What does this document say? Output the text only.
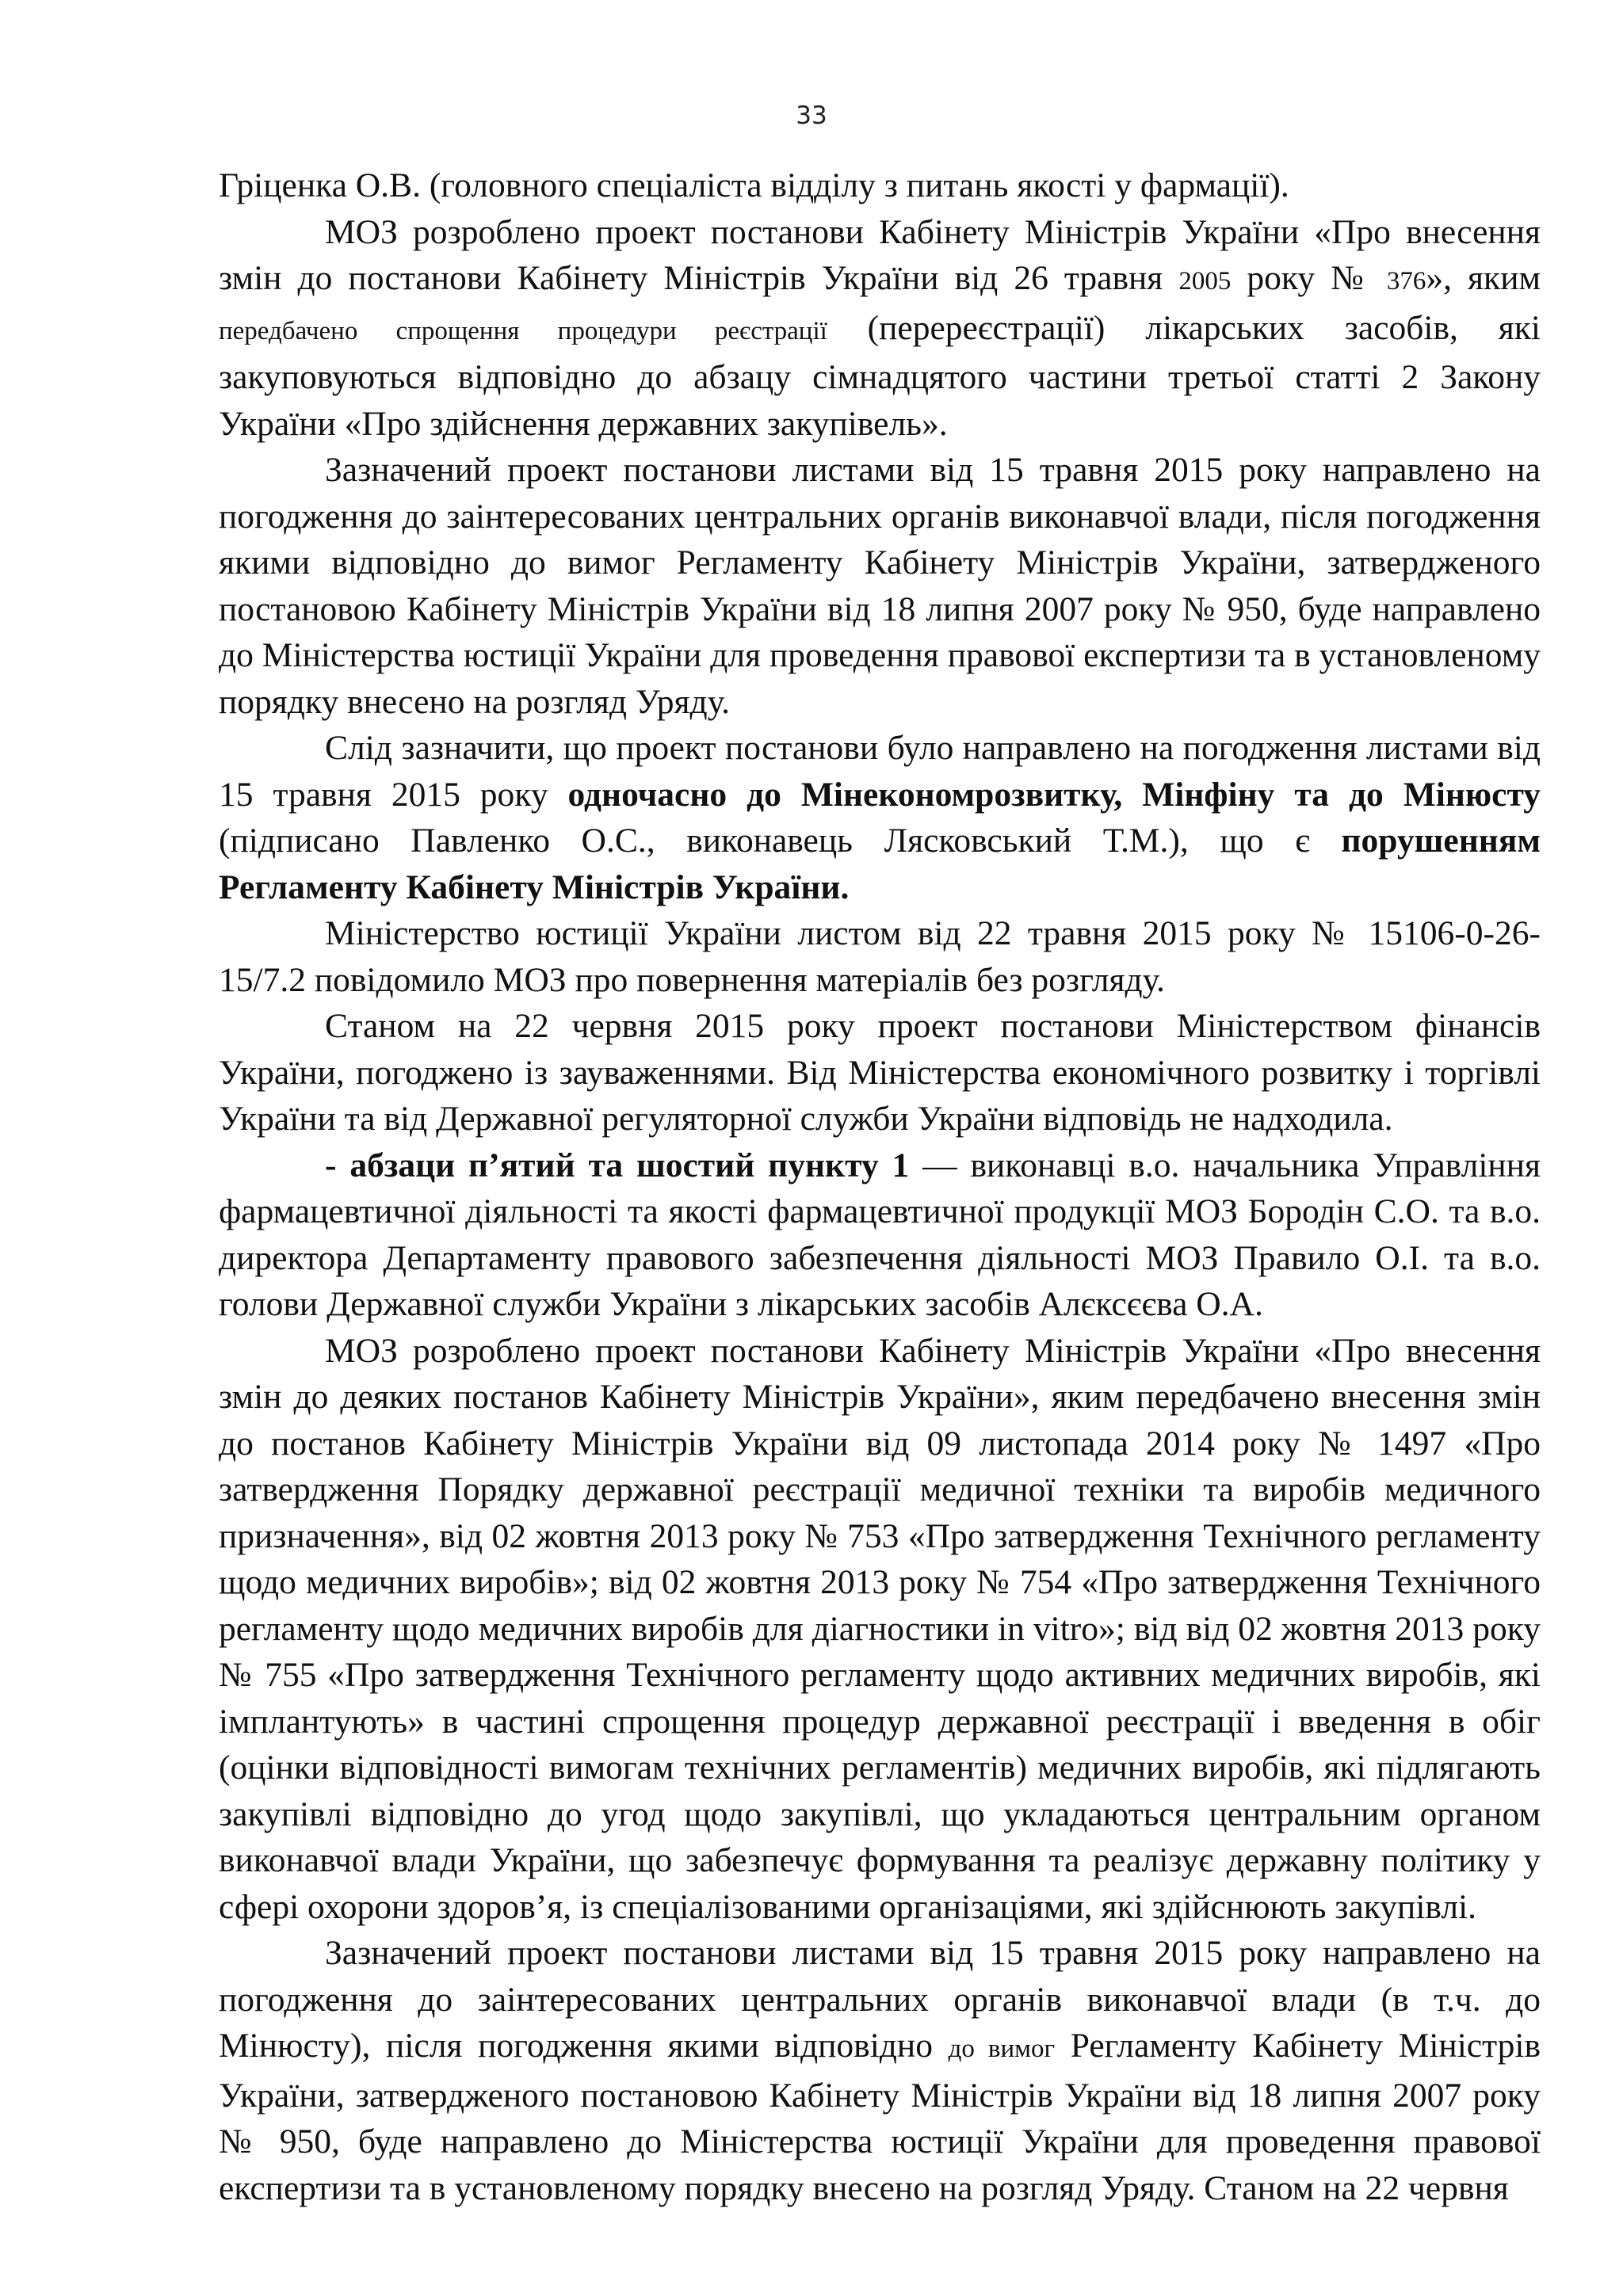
33

Гріценка О.В. (головного спеціаліста відділу з питань якості у фармації).

МОЗ розроблено проект постанови Кабінету Міністрів України «Про внесення змін до постанови Кабінету Міністрів України від 26 травня 2005 року № 376», яким передбачено спрощення процедури реєстрації (перереєстрації) лікарських засобів, які закуповуються відповідно до абзацу сімнадцятого частини третьої статті 2 Закону України «Про здійснення державних закупівель».

Зазначений проект постанови листами від 15 травня 2015 року направлено на погодження до заінтересованих центральних органів виконавчої влади, після погодження якими відповідно до вимог Регламенту Кабінету Міністрів України, затвердженого постановою Кабінету Міністрів України від 18 липня 2007 року № 950, буде направлено до Міністерства юстиції України для проведення правової експертизи та в установленому порядку внесено на розгляд Уряду.

Слід зазначити, що проект постанови було направлено на погодження листами від 15 травня 2015 року одночасно до Мінекономрозвитку, Мінфіну та до Мінюсту (підписано Павленко О.С., виконавець Лясковський Т.М.), що є порушенням Регламенту Кабінету Міністрів України.

Міністерство юстиції України листом від 22 травня 2015 року № 15106-0-26-15/7.2 повідомило МОЗ про повернення матеріалів без розгляду.

Станом на 22 червня 2015 року проект постанови Міністерством фінансів України, погоджено із зауваженнями. Від Міністерства економічного розвитку і торгівлі України та від Державної регуляторної служби України відповідь не надходила.

- абзаци п’ятий та шостий пункту 1 — виконавці в.о. начальника Управління фармацевтичної діяльності та якості фармацевтичної продукції МОЗ Бородін С.О. та в.о. директора Департаменту правового забезпечення діяльності МОЗ Правило О.І. та в.о. голови Державної служби України з лікарських засобів Алєксєєва О.А.

МОЗ розроблено проект постанови Кабінету Міністрів України «Про внесення змін до деяких постанов Кабінету Міністрів України», яким передбачено внесення змін до постанов Кабінету Міністрів України від 09 листопада 2014 року № 1497 «Про затвердження Порядку державної реєстрації медичної техніки та виробів медичного призначення», від 02 жовтня 2013 року № 753 «Про затвердження Технічного регламенту щодо медичних виробів»; від 02 жовтня 2013 року № 754 «Про затвердження Технічного регламенту щодо медичних виробів для діагностики in vitro»; від від 02 жовтня 2013 року № 755 «Про затвердження Технічного регламенту щодо активних медичних виробів, які імплантують» в частині спрощення процедур державної реєстрації і введення в обіг (оцінки відповідності вимогам технічних регламентів) медичних виробів, які підлягають закупівлі відповідно до угод щодо закупівлі, що укладаються центральним органом виконавчої влади України, що забезпечує формування та реалізує державну політику у сфері охорони здоров’я, із спеціалізованими організаціями, які здійснюють закупівлі.

Зазначений проект постанови листами від 15 травня 2015 року направлено на погодження до заінтересованих центральних органів виконавчої влади (в т.ч. до Мінюсту), після погодження якими відповідно до вимог Регламенту Кабінету Міністрів України, затвердженого постановою Кабінету Міністрів України від 18 липня 2007 року № 950, буде направлено до Міністерства юстиції України для проведення правової експертизи та в установленому порядку внесено на розгляд Уряду. Станом на 22 червня
